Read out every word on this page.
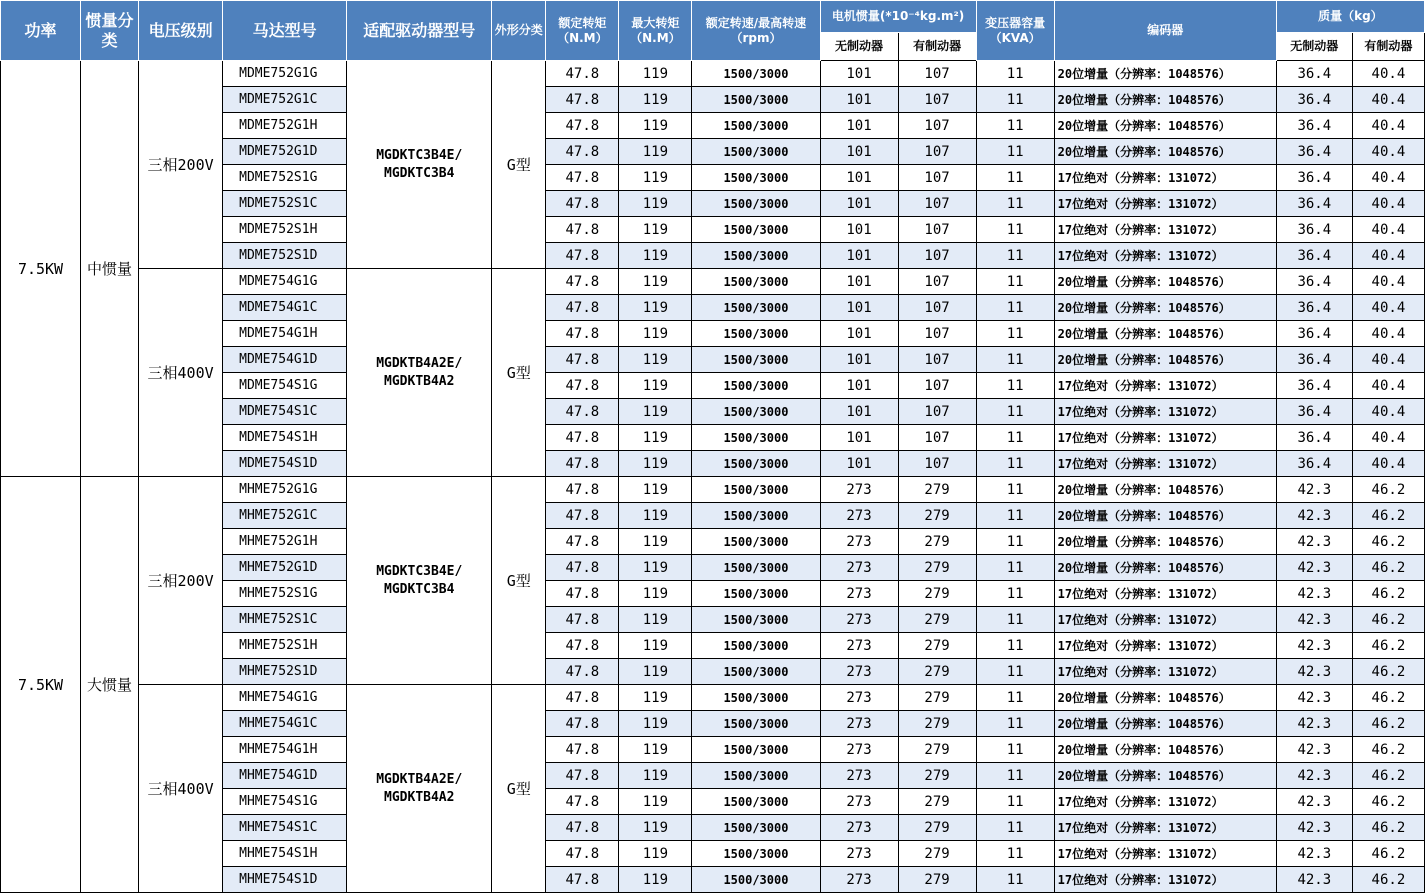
功率	惯量分类	电压级别	马达型号	适配驱动器型号	外形分类	额定转矩（N.M）	最大转矩（N.M）	额定转速/最高转速（rpm）	电机惯量(*10⁻⁴kg.m²)		变压器容量（KVA）	编码器	质量（kg）	
									无制动器	有制动器			无制动器	有制动器
7.5KW	中惯量	三相200V	MDME752G1G	MGDKTC3B4E/
MGDKTC3B4	G型	47.8	119	1500/3000	101	107	11	20位增量（分辨率：1048576）	36.4	40.4
			MDME752G1C			47.8	119	1500/3000	101	107	11	20位增量（分辨率：1048576）	36.4	40.4
			MDME752G1H			47.8	119	1500/3000	101	107	11	20位增量（分辨率：1048576）	36.4	40.4
			MDME752G1D			47.8	119	1500/3000	101	107	11	20位增量（分辨率：1048576）	36.4	40.4
			MDME752S1G			47.8	119	1500/3000	101	107	11	17位绝对（分辨率：131072）	36.4	40.4
			MDME752S1C			47.8	119	1500/3000	101	107	11	17位绝对（分辨率：131072）	36.4	40.4
			MDME752S1H			47.8	119	1500/3000	101	107	11	17位绝对（分辨率：131072）	36.4	40.4
			MDME752S1D			47.8	119	1500/3000	101	107	11	17位绝对（分辨率：131072）	36.4	40.4
		三相400V	MDME754G1G	MGDKTB4A2E/
MGDKTB4A2	G型	47.8	119	1500/3000	101	107	11	20位增量（分辨率：1048576）	36.4	40.4
			MDME754G1C			47.8	119	1500/3000	101	107	11	20位增量（分辨率：1048576）	36.4	40.4
			MDME754G1H			47.8	119	1500/3000	101	107	11	20位增量（分辨率：1048576）	36.4	40.4
			MDME754G1D			47.8	119	1500/3000	101	107	11	20位增量（分辨率：1048576）	36.4	40.4
			MDME754S1G			47.8	119	1500/3000	101	107	11	17位绝对（分辨率：131072）	36.4	40.4
			MDME754S1C			47.8	119	1500/3000	101	107	11	17位绝对（分辨率：131072）	36.4	40.4
			MDME754S1H			47.8	119	1500/3000	101	107	11	17位绝对（分辨率：131072）	36.4	40.4
			MDME754S1D			47.8	119	1500/3000	101	107	11	17位绝对（分辨率：131072）	36.4	40.4
7.5KW	大惯量	三相200V	MHME752G1G	MGDKTC3B4E/
MGDKTC3B4	G型	47.8	119	1500/3000	273	279	11	20位增量（分辨率：1048576）	42.3	46.2
			MHME752G1C			47.8	119	1500/3000	273	279	11	20位增量（分辨率：1048576）	42.3	46.2
			MHME752G1H			47.8	119	1500/3000	273	279	11	20位增量（分辨率：1048576）	42.3	46.2
			MHME752G1D			47.8	119	1500/3000	273	279	11	20位增量（分辨率：1048576）	42.3	46.2
			MHME752S1G			47.8	119	1500/3000	273	279	11	17位绝对（分辨率：131072）	42.3	46.2
			MHME752S1C			47.8	119	1500/3000	273	279	11	17位绝对（分辨率：131072）	42.3	46.2
			MHME752S1H			47.8	119	1500/3000	273	279	11	17位绝对（分辨率：131072）	42.3	46.2
			MHME752S1D			47.8	119	1500/3000	273	279	11	17位绝对（分辨率：131072）	42.3	46.2
		三相400V	MHME754G1G	MGDKTB4A2E/
MGDKTB4A2	G型	47.8	119	1500/3000	273	279	11	20位增量（分辨率：1048576）	42.3	46.2
			MHME754G1C			47.8	119	1500/3000	273	279	11	20位增量（分辨率：1048576）	42.3	46.2
			MHME754G1H			47.8	119	1500/3000	273	279	11	20位增量（分辨率：1048576）	42.3	46.2
			MHME754G1D			47.8	119	1500/3000	273	279	11	20位增量（分辨率：1048576）	42.3	46.2
			MHME754S1G			47.8	119	1500/3000	273	279	11	17位绝对（分辨率：131072）	42.3	46.2
			MHME754S1C			47.8	119	1500/3000	273	279	11	17位绝对（分辨率：131072）	42.3	46.2
			MHME754S1H			47.8	119	1500/3000	273	279	11	17位绝对（分辨率：131072）	42.3	46.2
			MHME754S1D			47.8	119	1500/3000	273	279	11	17位绝对（分辨率：131072）	42.3	46.2
